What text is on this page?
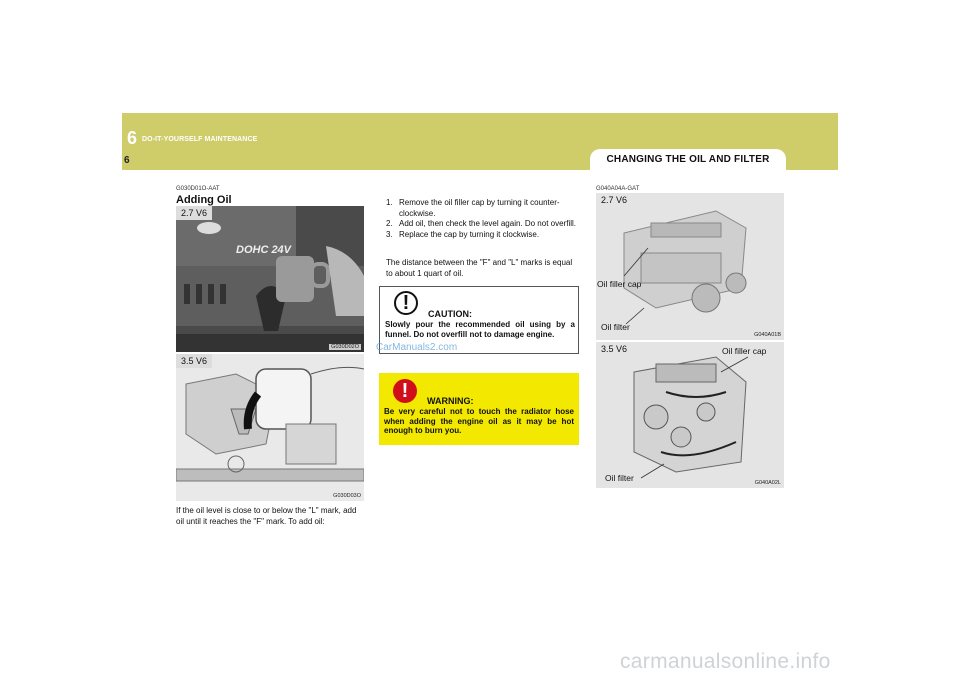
6 DO-IT-YOURSELF MAINTENANCE
6	CHANGING THE OIL AND FILTER
G030D01O-AAT
Adding Oil
2.7 V6
DOHC 24V
G030D02O
3.5 V6
G030D03O
If the oil level is close to or below the "L" mark, add oil until it reaches the "F" mark. To add oil:
1. Remove the oil filler cap by turning it counter-clockwise.
2. Add oil, then check the level again. Do not overfill.
3. Replace the cap by turning it clockwise.
The distance between the "F" and "L" marks is equal to about 1 quart of oil.
!
CAUTION:
Slowly pour the recommended oil using by a funnel. Do not overfill not to damage engine.
!	WARNING:
Be very careful not to touch the radiator hose when adding the engine oil as it may be hot enough to burn you.
CarManuals2.com
G040A04A-GAT
2.7 V6
Oil filler cap
Oil filter
G040A01B
3.5 V6	Oil filler cap
Oil filter	G040A02L
carmanualsonline.info
